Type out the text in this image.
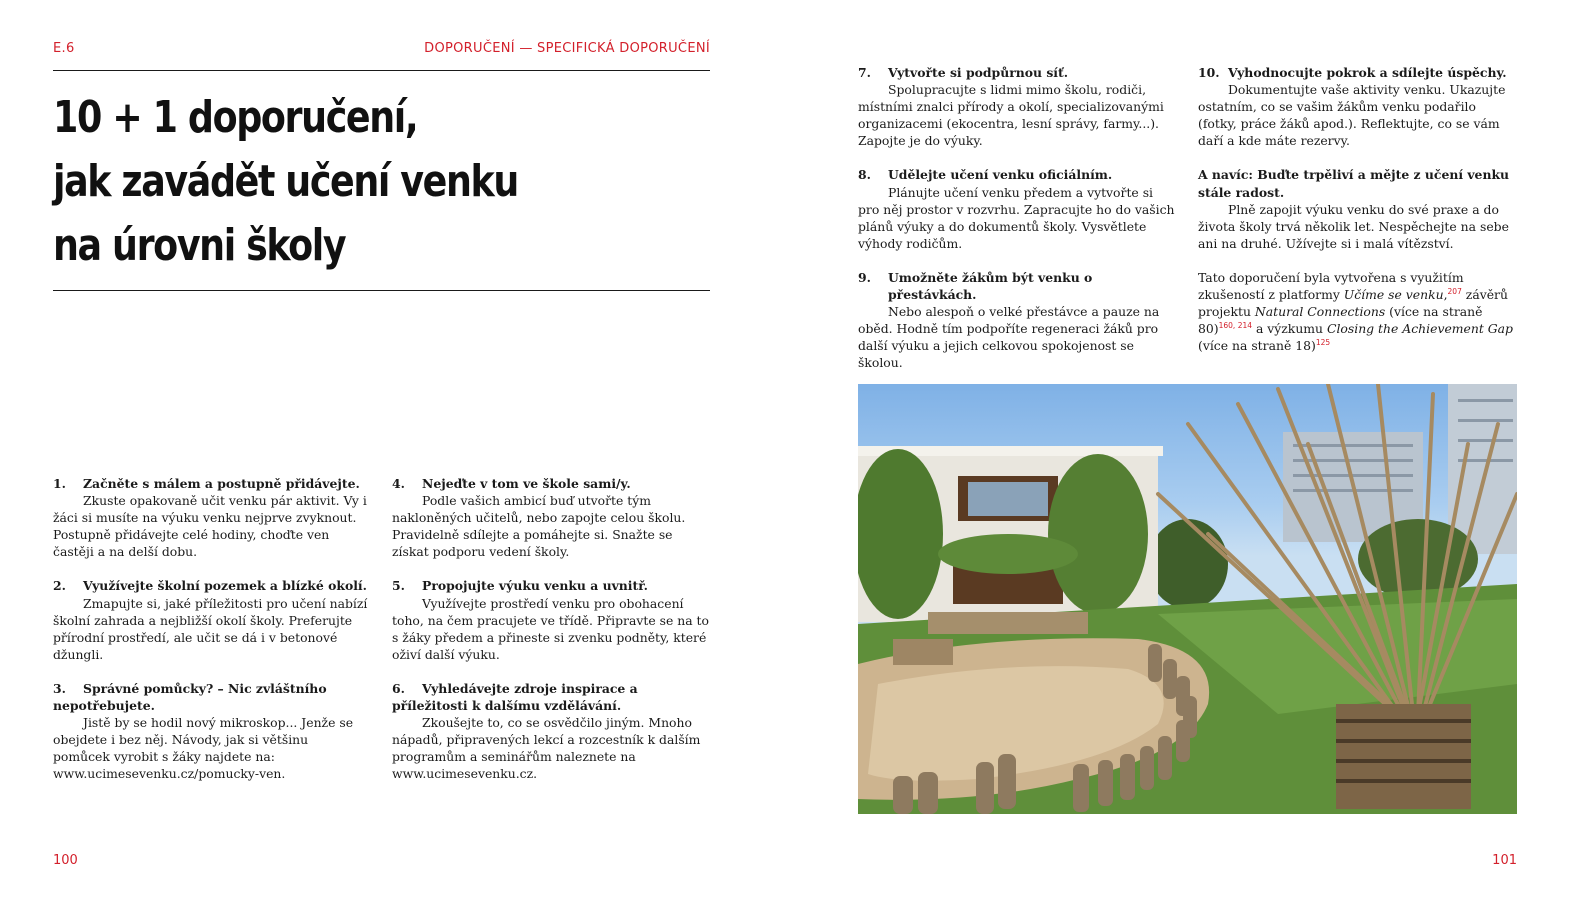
E.6	DOPORUČENÍ — SPECIFICKÁ DOPORUČENÍ
10 + 1 doporučení,
jak zavádět učení venku
na úrovni školy
1.	Začněte s málem a postupně přidávejte.

Zkuste opakovaně učit venku pár aktivit. Vy i žáci si musíte na výuku venku nejprve zvyknout. Postupně přidávejte celé hodiny, choďte ven častěji a na delší dobu.

2.	Využívejte školní pozemek a blízké okolí.

Zmapujte si, jaké příležitosti pro učení nabízí školní zahrada a nejbližší okolí školy. Preferujte přírodní prostředí, ale učit se dá i v betonové džungli.

3. Správné pomůcky? – Nic zvláštního nepotřebujete.

Jistě by se hodil nový mikroskop... Jenže se obejdete i bez něj. Návody, jak si většinu pomůcek vyrobit s žáky najdete na: www.ucimesevenku.cz/pomucky-ven.

4.	Nejeďte v tom ve škole sami/y.

Podle vašich ambicí buď utvořte tým nakloněných učitelů, nebo zapojte celou školu. Pravidelně sdílejte a pomáhejte si. Snažte se získat podporu vedení školy.

5.	Propojujte výuku venku a uvnitř.

Využívejte prostředí venku pro obohacení toho, na čem pracujete ve třídě. Připravte se na to s žáky předem a přineste si zvenku podněty, které oživí další výuku.

6. Vyhledávejte zdroje inspirace a příležitosti k dalšímu vzdělávání.

Zkoušejte to, co se osvědčilo jiným. Mnoho nápadů, připravených lekcí a rozcestník k dalším programům a seminářům naleznete na www.ucimesevenku.cz.

7.	Vytvořte si podpůrnou síť.

Spolupracujte s lidmi mimo školu, rodiči, místními znalci přírody a okolí, specializovanými organizacemi (ekocentra, lesní správy, farmy...). Zapojte je do výuky.

8.	Udělejte učení venku oficiálním.

Plánujte učení venku předem a vytvořte si pro něj prostor v rozvrhu. Zapracujte ho do vašich plánů výuky a do dokumentů školy. Vysvětlete výhody rodičům.

9.	Umožněte žákům být venku o přestávkách.

Nebo alespoň o velké přestávce a pauze na oběd. Hodně tím podpoříte regeneraci žáků pro další výuku a jejich celkovou spokojenost se školou.

10. Vyhodnocujte pokrok a sdílejte úspěchy.

Dokumentujte vaše aktivity venku. Ukazujte ostatním, co se vašim žákům venku podařilo (fotky, práce žáků apod.). Reflektujte, co se vám daří a kde máte rezervy.

A navíc: Buďte trpěliví a mějte z učení venku stále radost.

Plně zapojit výuku venku do své praxe a do života školy trvá několik let. Nespěchejte na sebe ani na druhé. Užívejte si i malá vítězství.

Tato doporučení byla vytvořena s využitím zkušeností z platformy Učíme se venku,$^{207}$ závěrů projektu Natural Connections (více na straně 80)$^{160, 214}$ a výzkumu Closing the Achievement Gap (více na straně 18)$^{125}$

100	101
